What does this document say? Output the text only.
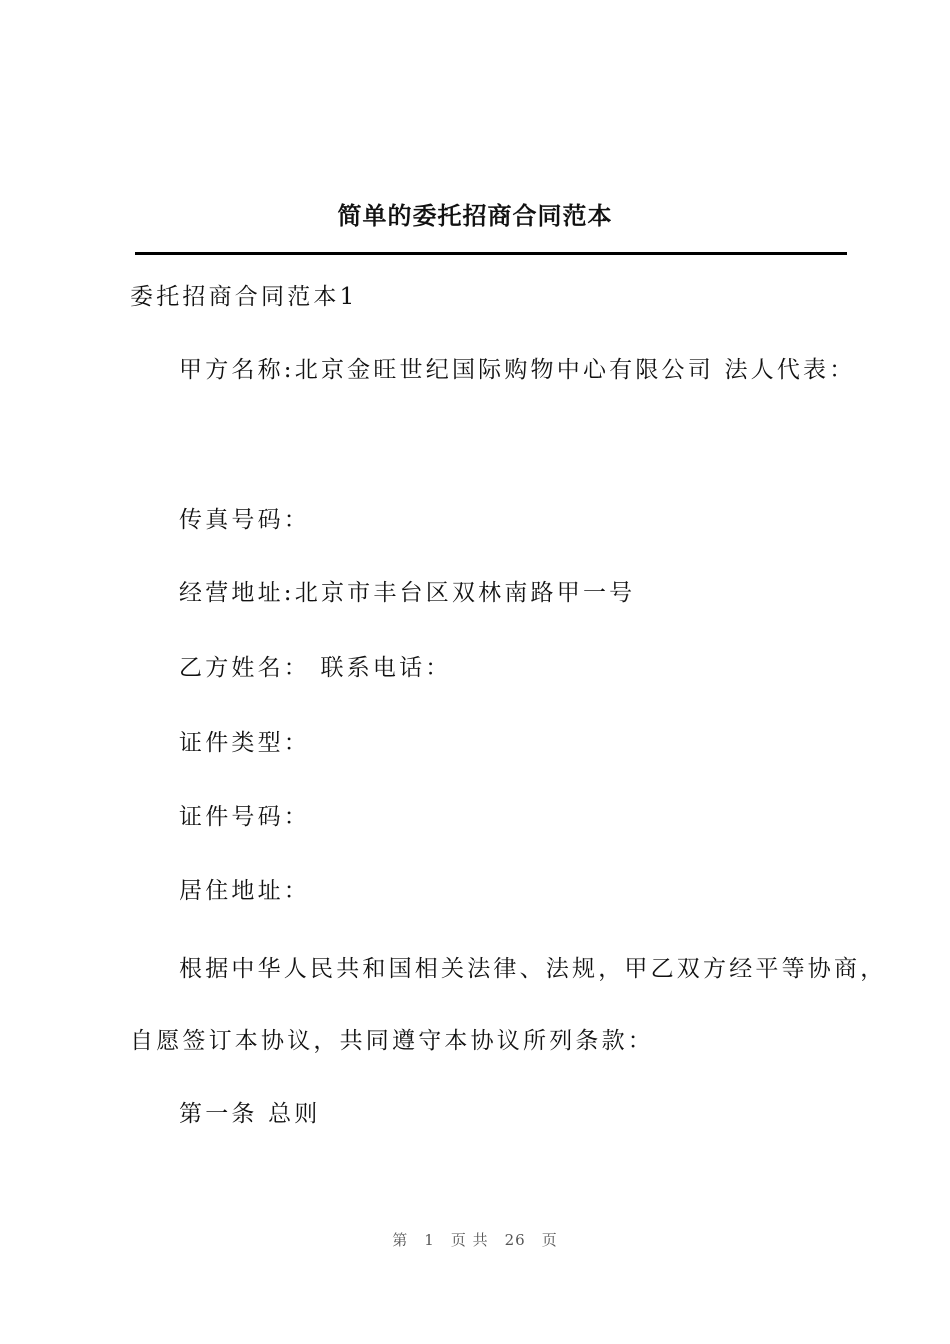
简单的委托招商合同范本

委托招商合同范本1

甲方名称:北京金旺世纪国际购物中心有限公司 法人代表：

传真号码：

经营地址:北京市丰台区双林南路甲一号

乙方姓名： 联系电话：

证件类型：

证件号码：

居住地址：

根据中华人民共和国相关法律、法规，甲乙双方经平等协商，

自愿签订本协议，共同遵守本协议所列条款：

第一条 总则

第 1 页 共 26 页
